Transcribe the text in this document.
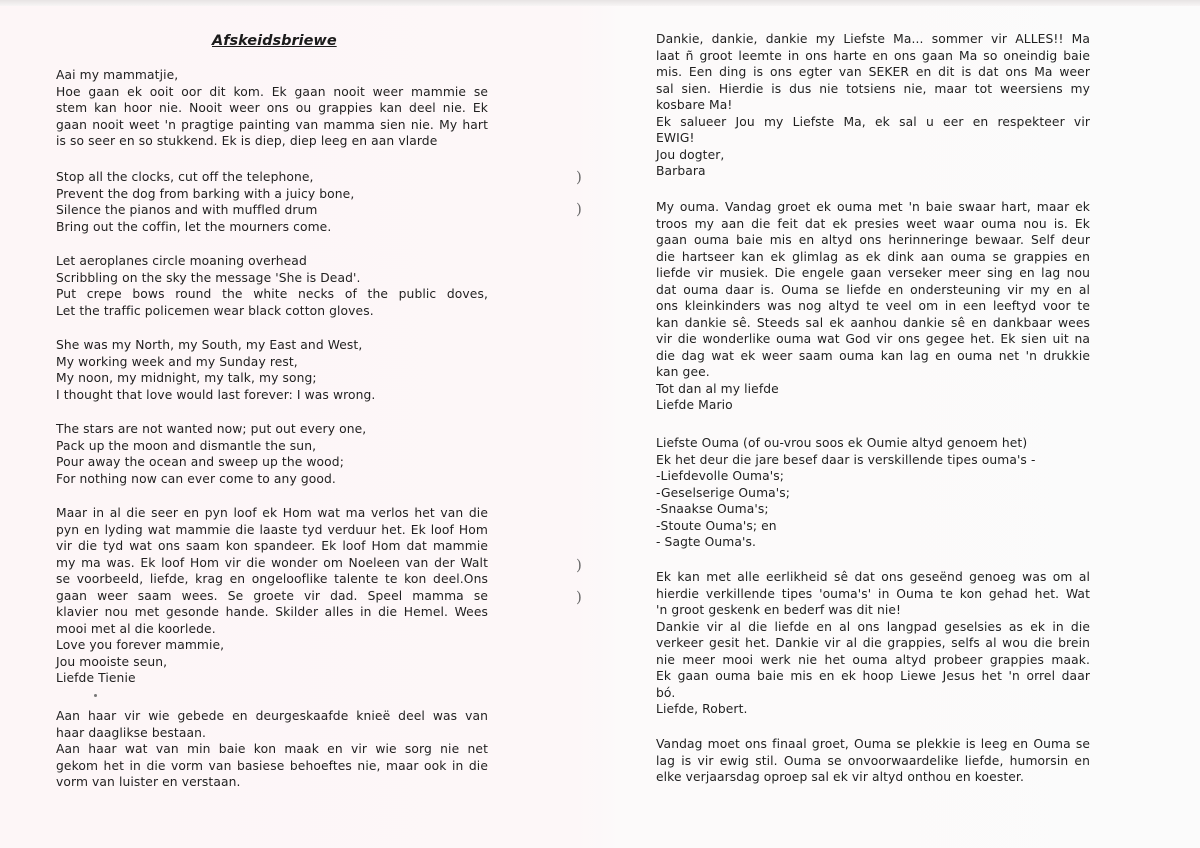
Afskeidsbriewe
Aai my mammatjie,
Hoe gaan ek ooit oor dit kom. Ek gaan nooit weer mammie se
stem kan hoor nie. Nooit weer ons ou grappies kan deel nie. Ek
gaan nooit weet 'n pragtige painting van mamma sien nie. My hart
is so seer en so stukkend. Ek is diep, diep leeg en aan vlarde
Stop all the clocks, cut off the telephone,
Prevent the dog from barking with a juicy bone,
Silence the pianos and with muffled drum
Bring out the coffin, let the mourners come.
Let aeroplanes circle moaning overhead
Scribbling on the sky the message 'She is Dead'.
Put crepe bows round the white necks of the public doves,
Let the traffic policemen wear black cotton gloves.
She was my North, my South, my East and West,
My working week and my Sunday rest,
My noon, my midnight, my talk, my song;
I thought that love would last forever: I was wrong.
The stars are not wanted now; put out every one,
Pack up the moon and dismantle the sun,
Pour away the ocean and sweep up the wood;
For nothing now can ever come to any good.
Maar in al die seer en pyn loof ek Hom wat ma verlos het van die
pyn en lyding wat mammie die laaste tyd verduur het. Ek loof Hom
vir die tyd wat ons saam kon spandeer. Ek loof Hom dat mammie
my ma was. Ek loof Hom vir die wonder om Noeleen van der Walt
se voorbeeld, liefde, krag en ongelooflike talente te kon deel.Ons
gaan weer saam wees. Se groete vir dad. Speel mamma se
klavier nou met gesonde hande. Skilder alles in die Hemel. Wees
mooi met al die koorlede.
Love you forever mammie,
Jou mooiste seun,
Liefde Tienie
Aan haar vir wie gebede en deurgeskaafde knieë deel was van
haar daaglikse bestaan.
Aan haar wat van min baie kon maak en vir wie sorg nie net
gekom het in die vorm van basiese behoeftes nie, maar ook in die
vorm van luister en verstaan.
Dankie, dankie, dankie my Liefste Ma... sommer vir ALLES!! Ma
laat ñ groot leemte in ons harte en ons gaan Ma so oneindig baie
mis. Een ding is ons egter van SEKER en dit is dat ons Ma weer
sal sien. Hierdie is dus nie totsiens nie, maar tot weersiens my
kosbare Ma!
Ek salueer Jou my Liefste Ma, ek sal u eer en respekteer vir
EWIG!
Jou dogter,
Barbara
My ouma. Vandag groet ek ouma met 'n baie swaar hart, maar ek
troos my aan die feit dat ek presies weet waar ouma nou is. Ek
gaan ouma baie mis en altyd ons herinneringe bewaar. Self deur
die hartseer kan ek glimlag as ek dink aan ouma se grappies en
liefde vir musiek. Die engele gaan verseker meer sing en lag nou
dat ouma daar is. Ouma se liefde en ondersteuning vir my en al
ons kleinkinders was nog altyd te veel om in een leeftyd voor te
kan dankie sê. Steeds sal ek aanhou dankie sê en dankbaar wees
vir die wonderlike ouma wat God vir ons gegee het. Ek sien uit na
die dag wat ek weer saam ouma kan lag en ouma net 'n drukkie
kan gee.
Tot dan al my liefde
Liefde Mario
Liefste Ouma (of ou-vrou soos ek Oumie altyd genoem het)
Ek het deur die jare besef daar is verskillende tipes ouma's -
-Liefdevolle Ouma's;
-Geselserige Ouma's;
-Snaakse Ouma's;
-Stoute Ouma's; en
- Sagte Ouma's.
Ek kan met alle eerlikheid sê dat ons geseënd genoeg was om al
hierdie verkillende tipes 'ouma's' in Ouma te kon gehad het. Wat
'n groot geskenk en bederf was dit nie!
Dankie vir al die liefde en al ons langpad geselsies as ek in die
verkeer gesit het. Dankie vir al die grappies, selfs al wou die brein
nie meer mooi werk nie het ouma altyd probeer grappies maak.
Ek gaan ouma baie mis en ek hoop Liewe Jesus het 'n orrel daar
bó.
Liefde, Robert.
Vandag moet ons finaal groet, Ouma se plekkie is leeg en Ouma se
lag is vir ewig stil. Ouma se onvoorwaardelike liefde, humorsin en
elke verjaarsdag oproep sal ek vir altyd onthou en koester.
)
)
)
)
